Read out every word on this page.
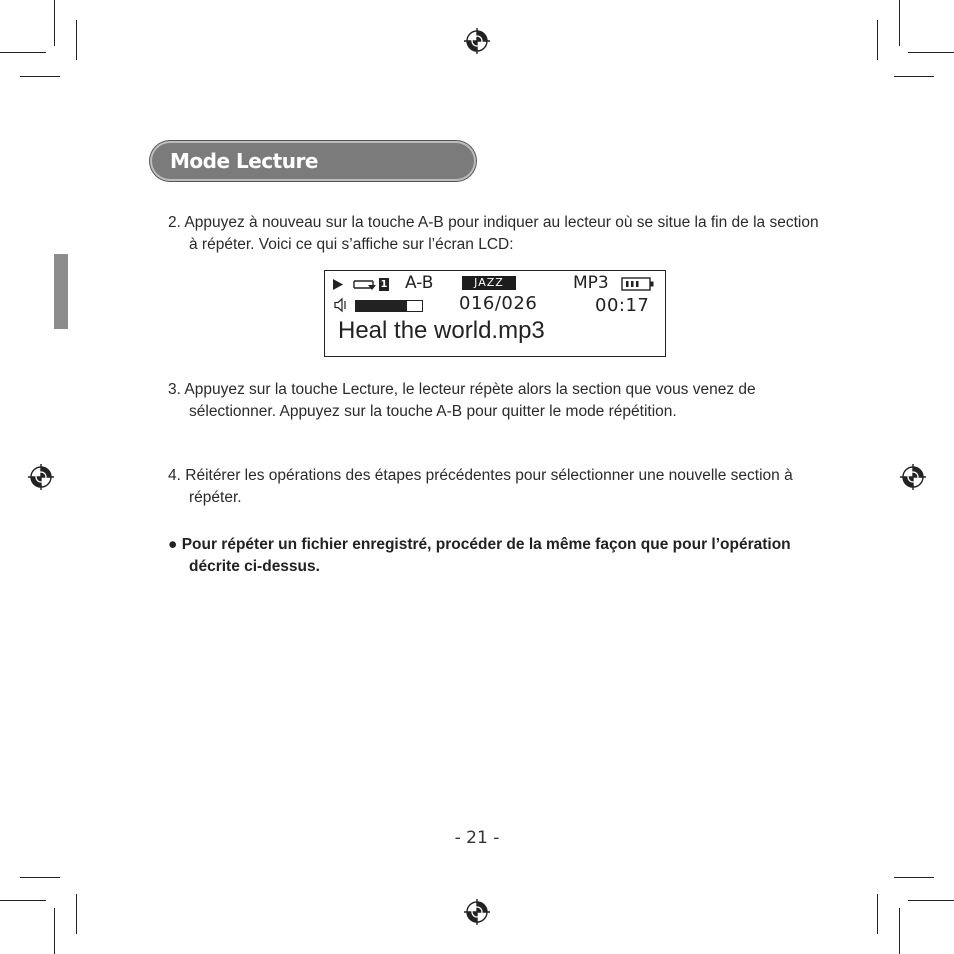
Mode Lecture
2. Appuyez à nouveau sur la touche A-B pour indiquer au lecteur où se situe la fin de la section à répéter. Voici ce qui s’affiche sur l’écran LCD:
1 A-B	JAZZ	MP3
016/026	00:17
Heal the world.mp3
3. Appuyez sur la touche Lecture, le lecteur répète alors la section que vous venez de sélectionner. Appuyez sur la touche A-B pour quitter le mode répétition.
4. Réitérer les opérations des étapes précédentes pour sélectionner une nouvelle section à répéter.
● Pour répéter un fichier enregistré, procéder de la même façon que pour l’opération décrite ci-dessus.
- 21 -
